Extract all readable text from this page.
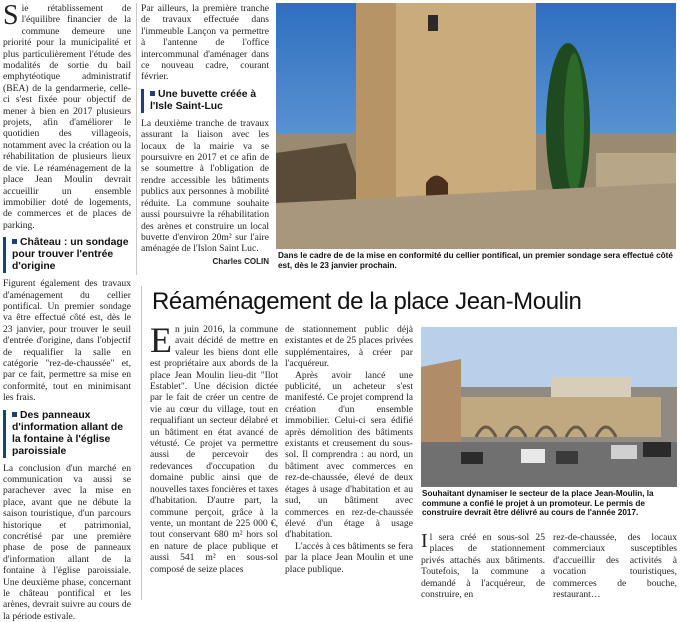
Sie rétablissement de l'équilibre financier de la commune demeure une priorité pour la municipalité et plus particulièrement l'étude des modalités de sortie du bail emphytéotique administratif (BEA) de la gendarmerie, celle-ci s'est fixée pour objectif de mener à bien en 2017 plusieurs projets, afin d'améliorer le quotidien des villageois, notamment avec la création ou la réhabilitation de plusieurs lieux de vie. Le réaménagement de la place Jean Moulin devrait accueillir un ensemble immobilier doté de logements, de commerces et de places de parking.

Château : un sondage pour trouver l'entrée d'origine

Figurent également des travaux d'aménagement du cellier pontifical. Un premier sondage va être effectué côté est, dès le 23 janvier, pour trouver le seuil d'entrée d'origine, dans l'objectif de requalifier la salle en catégorie "rez-de-chaussée" et, par ce fait, permettre sa mise en conformité, tout en minimisant les frais.

Des panneaux d'information allant de la fontaine à l'église paroissiale

La conclusion d'un marché en communication va aussi se parachever avec la mise en place, avant que ne débute la saison touristique, d'un parcours historique et patrimonial, concrétisé par une première phase de pose de panneaux d'information allant de la fontaine à l'église paroissiale. Une deuxième phase, concernant le château pontifical et les arènes, devrait suivre au cours de la période estivale.

Par ailleurs, la première tranche de travaux effectuée dans l'immeuble Lançon va permettre à l'antenne de l'office intercommunal d'aménager dans ce nouveau cadre, courant février.

Une buvette créée à l'Isle Saint-Luc

La deuxième tranche de travaux assurant la liaison avec les locaux de la mairie va se poursuivre en 2017 et ce afin de se soumettre à l'obligation de rendre accessible les bâtiments publics aux personnes à mobilité réduite. La commune souhaite aussi poursuivre la réhabilitation des arènes et construire un local buvette d'environ 20m² sur l'aire aménagée de l'Islon Saint Luc.

Charles COLIN
Dans le cadre de de la mise en conformité du cellier pontifical, un premier sondage sera effectué côté est, dès le 23 janvier prochain.
Réaménagement de la place Jean-Moulin

En juin 2016, la commune avait décidé de mettre en valeur les biens dont elle est propriétaire aux abords de la place Jean Moulin lieu-dit "Ilot Establet". Une décision dictée par le fait de créer un centre de vie au cœur du village, tout en requalifiant un secteur délabré et un bâtiment en état avancé de vétusté. Ce projet va permettre aussi de percevoir des redevances d'occupation du domaine public ainsi que de nouvelles taxes foncières et taxes d'habitation. D'autre part, la commune perçoit, grâce à la vente, un montant de 225 000 €, tout conservant 680 m² hors sol en nature de place publique et aussi 541 m² en sous-sol composé de seize places

de stationnement public déjà existantes et de 25 places privées supplémentaires, à créer par l'acquéreur.

Après avoir lancé une publicité, un acheteur s'est manifesté. Ce projet comprend la création d'un ensemble immobilier. Celui-ci sera édifié après démolition des bâtiments existants et creusement du sous-sol. Il comprendra : au nord, un bâtiment avec commerces en rez-de-chaussée, élevé de deux étages à usage d'habitation et au sud, un bâtiment avec commerces en rez-de-chaussée élevé d'un étage à usage d'habitation.

L'accès à ces bâtiments se fera par la place Jean Moulin et une place publique.

Souhaitant dynamiser le secteur de la place Jean-Moulin, la commune a confié le projet à un promoteur. Le permis de construire devrait être délivré au cours de l'année 2017.

Il sera créé en sous-sol 25 places de stationnement privés attachés aux bâtiments. Toutefois, la commune a demandé à l'acquéreur, de construire, en

rez-de-chaussée, des locaux commerciaux susceptibles d'accueillir des activités à vocation touristiques, commerces de bouche, restaurant…
